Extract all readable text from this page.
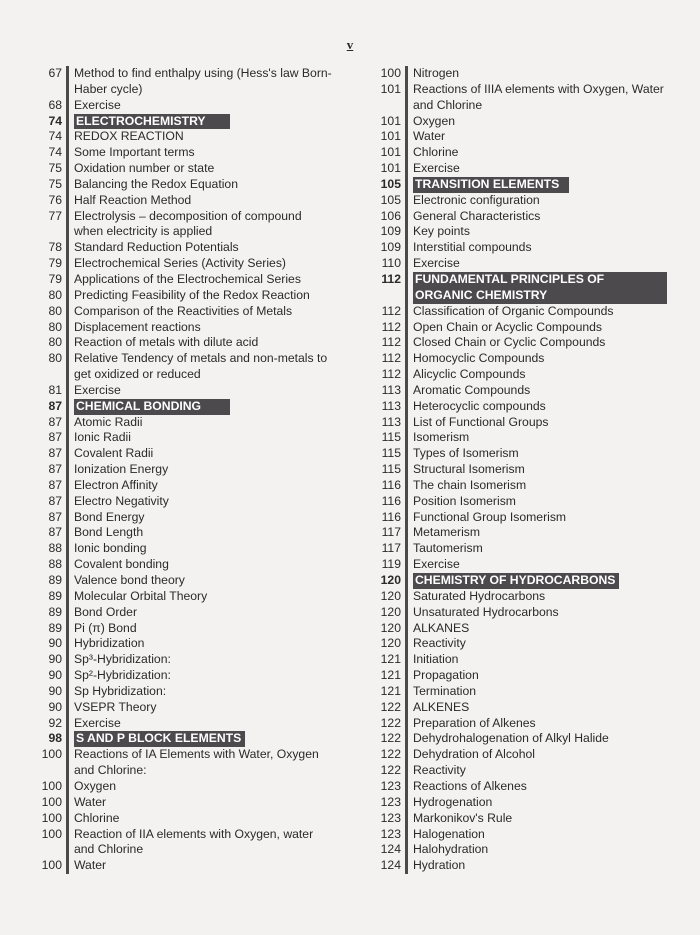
v
67 Method to find enthalpy using (Hess's law Born-Haber cycle)
68 Exercise
74	ELECTROCHEMISTRY
74 REDOX REACTION
74 Some Important terms
75 Oxidation number or state
75 Balancing the Redox Equation
76 Half Reaction Method
77 Electrolysis – decomposition of compound when electricity is applied
78 Standard Reduction Potentials
79 Electrochemical Series (Activity Series)
79 Applications of the Electrochemical Series
80 Predicting Feasibility of the Redox Reaction
80 Comparison of the Reactivities of Metals
80 Displacement reactions
80 Reaction of metals with dilute acid
80 Relative Tendency of metals and non-metals to get oxidized or reduced
81 Exercise
87	CHEMICAL BONDING
87 Atomic Radii
87 Ionic Radii
87 Covalent Radii
87 Ionization Energy
87 Electron Affinity
87 Electro Negativity
87 Bond Energy
87 Bond Length
88 Ionic bonding
88 Covalent bonding
89 Valence bond theory
89 Molecular Orbital Theory
89 Bond Order
89 Pi (π) Bond
90 Hybridization
90 Sp³-Hybridization:
90 Sp²-Hybridization:
90 Sp Hybridization:
90 VSEPR Theory
92 Exercise
98	S AND P BLOCK ELEMENTS
100 Reactions of IA Elements with Water, Oxygen and Chlorine:
100 Oxygen
100 Water
100 Chlorine
100 Reaction of IIA elements with Oxygen, water and Chlorine
100 Water
100 Nitrogen
101 Reactions of IIIA elements with Oxygen, Water and Chlorine
101 Oxygen
101 Water
101 Chlorine
101 Exercise
105	TRANSITION ELEMENTS
105 Electronic configuration
106 General Characteristics
109 Key points
109 Interstitial compounds
110 Exercise
112	FUNDAMENTAL PRINCIPLES OF ORGANIC CHEMISTRY
112 Classification of Organic Compounds
112 Open Chain or Acyclic Compounds
112 Closed Chain or Cyclic Compounds
112 Homocyclic Compounds
112 Alicyclic Compounds
113 Aromatic Compounds
113 Heterocyclic compounds
113 List of Functional Groups
115 Isomerism
115 Types of Isomerism
115 Structural Isomerism
116 The chain Isomerism
116 Position Isomerism
116 Functional Group Isomerism
117 Metamerism
117 Tautomerism
119 Exercise
120	CHEMISTRY OF HYDROCARBONS
120 Saturated Hydrocarbons
120 Unsaturated Hydrocarbons
120 ALKANES
120 Reactivity
121 Initiation
121 Propagation
121 Termination
122 ALKENES
122 Preparation of Alkenes
122 Dehydrohalogenation of Alkyl Halide
122 Dehydration of Alcohol
122 Reactivity
123 Reactions of Alkenes
123 Hydrogenation
123 Markonikov's Rule
123 Halogenation
124 Halohydration
124 Hydration
